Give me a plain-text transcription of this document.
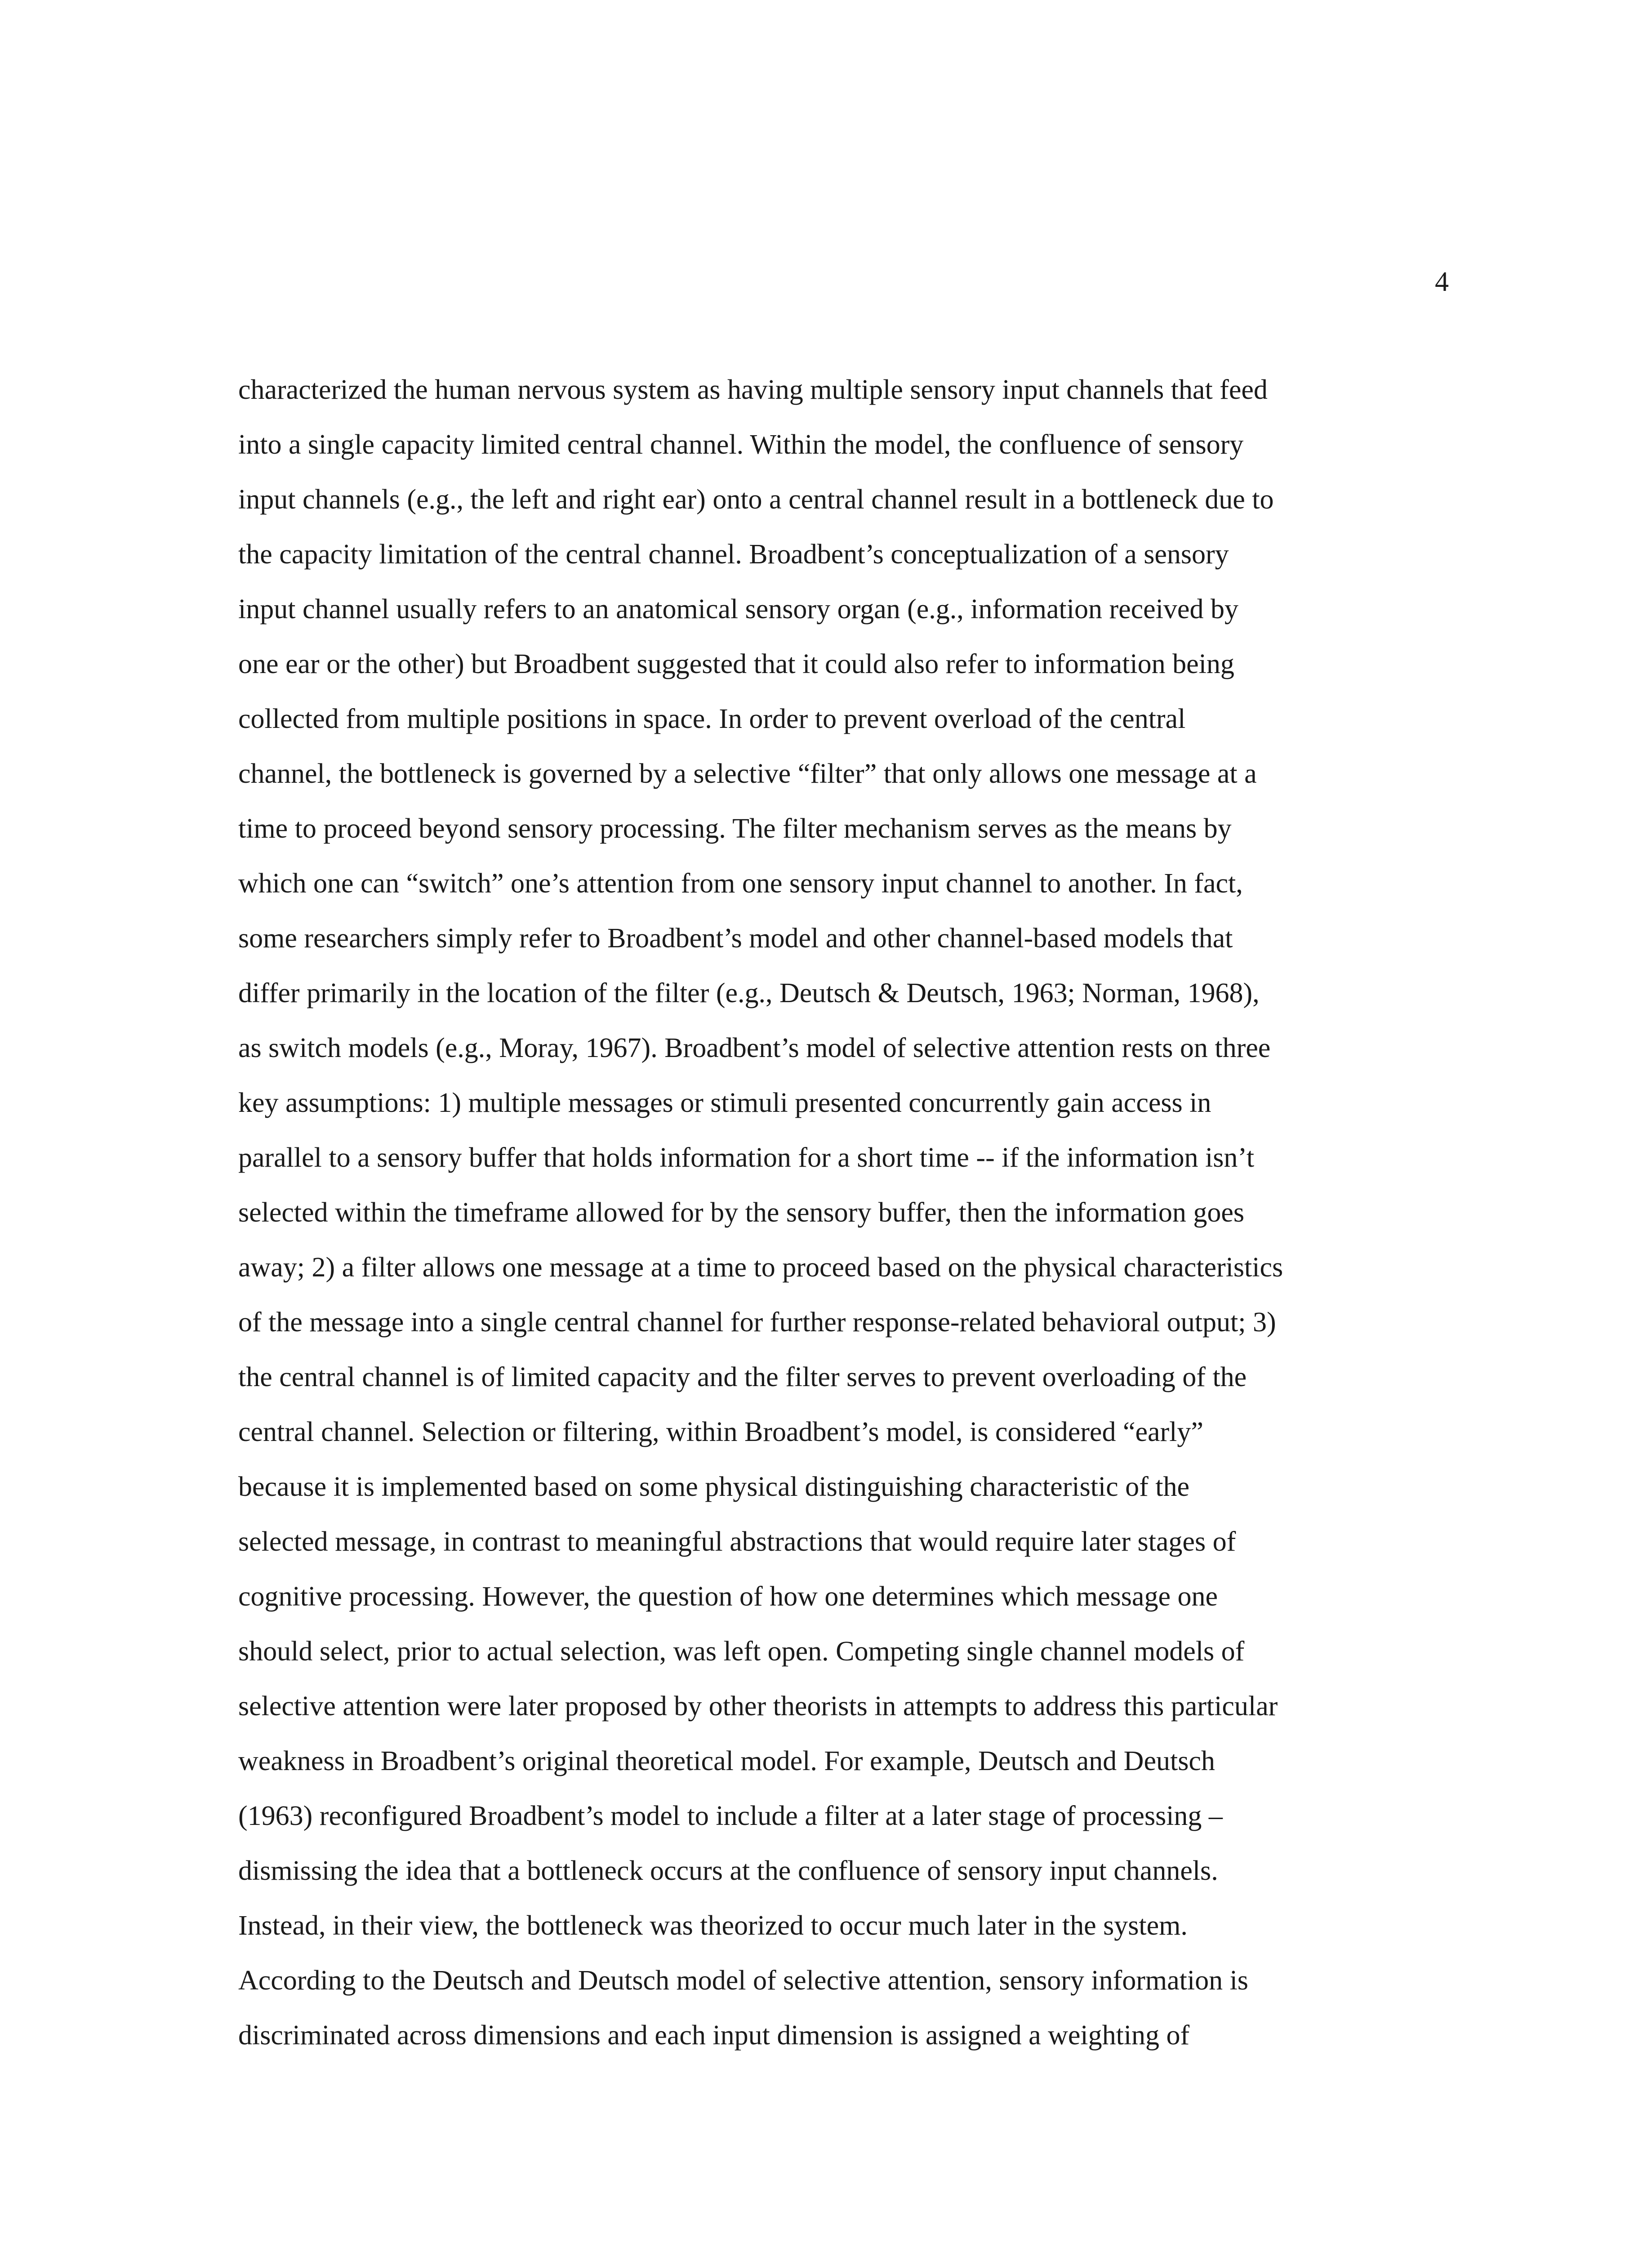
4
characterized the human nervous system as having multiple sensory input channels that feed
into a single capacity limited central channel. Within the model, the confluence of sensory
input channels (e.g., the left and right ear) onto a central channel result in a bottleneck due to
the capacity limitation of the central channel. Broadbent’s conceptualization of a sensory
input channel usually refers to an anatomical sensory organ (e.g., information received by
one ear or the other) but Broadbent suggested that it could also refer to information being
collected from multiple positions in space. In order to prevent overload of the central
channel, the bottleneck is governed by a selective “filter” that only allows one message at a
time to proceed beyond sensory processing. The filter mechanism serves as the means by
which one can “switch” one’s attention from one sensory input channel to another. In fact,
some researchers simply refer to Broadbent’s model and other channel-based models that
differ primarily in the location of the filter (e.g., Deutsch & Deutsch, 1963; Norman, 1968),
as switch models (e.g., Moray, 1967). Broadbent’s model of selective attention rests on three
key assumptions: 1) multiple messages or stimuli presented concurrently gain access in
parallel to a sensory buffer that holds information for a short time -- if the information isn’t
selected within the timeframe allowed for by the sensory buffer, then the information goes
away; 2) a filter allows one message at a time to proceed based on the physical characteristics
of the message into a single central channel for further response-related behavioral output; 3)
the central channel is of limited capacity and the filter serves to prevent overloading of the
central channel. Selection or filtering, within Broadbent’s model, is considered “early”
because it is implemented based on some physical distinguishing characteristic of the
selected message, in contrast to meaningful abstractions that would require later stages of
cognitive processing. However, the question of how one determines which message one
should select, prior to actual selection, was left open. Competing single channel models of
selective attention were later proposed by other theorists in attempts to address this particular
weakness in Broadbent’s original theoretical model. For example, Deutsch and Deutsch
(1963) reconfigured Broadbent’s model to include a filter at a later stage of processing –
dismissing the idea that a bottleneck occurs at the confluence of sensory input channels.
Instead, in their view, the bottleneck was theorized to occur much later in the system.
According to the Deutsch and Deutsch model of selective attention, sensory information is
discriminated across dimensions and each input dimension is assigned a weighting of
